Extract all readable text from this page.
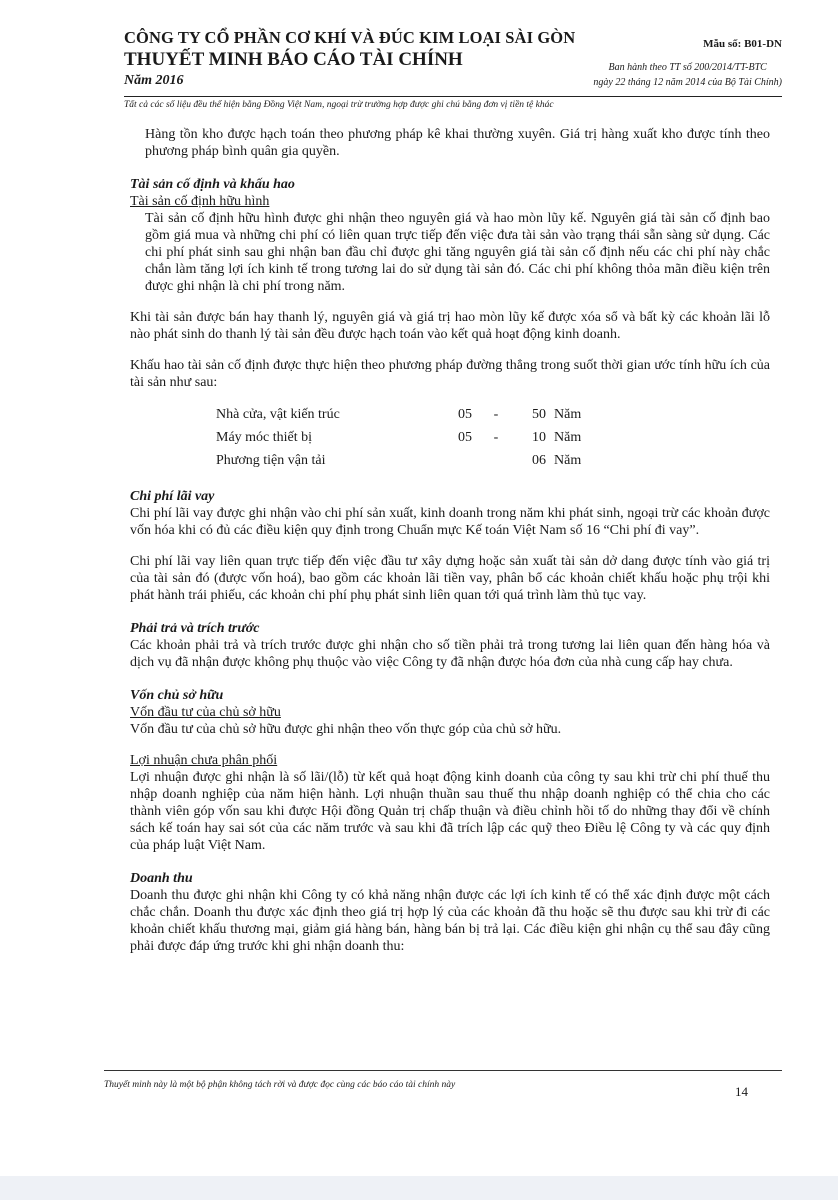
CÔNG TY CỔ PHẦN CƠ KHÍ VÀ ĐÚC KIM LOẠI SÀI GÒN
THUYẾT MINH BÁO CÁO TÀI CHÍNH
Năm 2016
Mẫu số: B01-DN
Ban hành theo TT số 200/2014/TT-BTC
ngày 22 tháng 12 năm 2014 của Bộ Tài Chính)
Tất cả các số liệu đều thể hiện bằng Đồng Việt Nam, ngoại trừ trường hợp được ghi chú bằng đơn vị tiền tệ khác

Hàng tồn kho được hạch toán theo phương pháp kê khai thường xuyên. Giá trị hàng xuất kho được tính theo phương pháp bình quân gia quyền.

Tài sản cố định và khấu hao
Tài sản cố định hữu hình

Tài sản cố định hữu hình được ghi nhận theo nguyên giá và hao mòn lũy kế. Nguyên giá tài sản cố định bao gồm giá mua và những chi phí có liên quan trực tiếp đến việc đưa tài sản vào trạng thái sẵn sàng sử dụng. Các chi phí phát sinh sau ghi nhận ban đầu chỉ được ghi tăng nguyên giá tài sản cố định nếu các chi phí này chắc chắn làm tăng lợi ích kinh tế trong tương lai do sử dụng tài sản đó. Các chi phí không thỏa mãn điều kiện trên được ghi nhận là chi phí trong năm.

Khi tài sản được bán hay thanh lý, nguyên giá và giá trị hao mòn lũy kế được xóa sổ và bất kỳ các khoản lãi lỗ nào phát sinh do thanh lý tài sản đều được hạch toán vào kết quả hoạt động kinh doanh.

Khấu hao tài sản cố định được thực hiện theo phương pháp đường thẳng trong suốt thời gian ước tính hữu ích của tài sản như sau:

Nhà cửa, vật kiến trúc	05	-	50	Năm
Máy móc thiết bị	05	-	10	Năm
Phương tiện vận tải			06	Năm
Chi phí lãi vay

Chi phí lãi vay được ghi nhận vào chi phí sản xuất, kinh doanh trong năm khi phát sinh, ngoại trừ các khoản được vốn hóa khi có đủ các điều kiện quy định trong Chuẩn mực Kế toán Việt Nam số 16 “Chi phí đi vay”.

Chi phí lãi vay liên quan trực tiếp đến việc đầu tư xây dựng hoặc sản xuất tài sản dở dang được tính vào giá trị của tài sản đó (được vốn hoá), bao gồm các khoản lãi tiền vay, phân bổ các khoản chiết khấu hoặc phụ trội khi phát hành trái phiếu, các khoản chi phí phụ phát sinh liên quan tới quá trình làm thủ tục vay.

Phải trả và trích trước

Các khoản phải trả và trích trước được ghi nhận cho số tiền phải trả trong tương lai liên quan đến hàng hóa và dịch vụ đã nhận được không phụ thuộc vào việc Công ty đã nhận được hóa đơn của nhà cung cấp hay chưa.

Vốn chủ sở hữu
Vốn đầu tư của chủ sở hữu

Vốn đầu tư của chủ sở hữu được ghi nhận theo vốn thực góp của chủ sở hữu.

Lợi nhuận chưa phân phối

Lợi nhuận được ghi nhận là số lãi/(lỗ) từ kết quả hoạt động kinh doanh của công ty sau khi trừ chi phí thuế thu nhập doanh nghiệp của năm hiện hành. Lợi nhuận thuần sau thuế thu nhập doanh nghiệp có thể chia cho các thành viên góp vốn sau khi được Hội đồng Quản trị chấp thuận và điều chỉnh hồi tố do những thay đổi về chính sách kế toán hay sai sót của các năm trước và sau khi đã trích lập các quỹ theo Điều lệ Công ty và các quy định của pháp luật Việt Nam.

Doanh thu

Doanh thu được ghi nhận khi Công ty có khả năng nhận được các lợi ích kinh tế có thể xác định được một cách chắc chắn. Doanh thu được xác định theo giá trị hợp lý của các khoản đã thu hoặc sẽ thu được sau khi trừ đi các khoản chiết khấu thương mại, giảm giá hàng bán, hàng bán bị trả lại. Các điều kiện ghi nhận cụ thể sau đây cũng phải được đáp ứng trước khi ghi nhận doanh thu:

Thuyết minh này là một bộ phận không tách rời và được đọc cùng các báo cáo tài chính này	14
